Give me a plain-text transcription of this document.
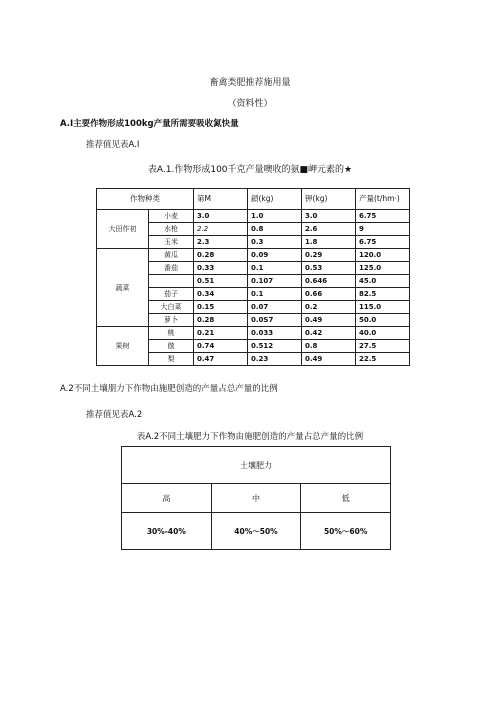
畜禽类肥推荐施用量
（资料性）
A.I主要作物形成100kg产量所需要吸收氮快量
推荐值见表A.I
表A.1.作物形成100千克产量噢收的氨■岬元素的★
作物种类		第M	鎖(kg)	钾(kg)	产量(t/hm·)
大田作初	小麦	3.0	1.0	3.0	6.75
	水枪	2.2	0.8	2.6	9
	玉米	2.3	0.3	1.8	6.75
蔬菜	黄瓜	0.28	0.09	0.29	120.0
	番茄	0.33	0.1	0.53	125.0
		0.51	0.107	0.646	45.0
	茄子	0.34	0.1	0.66	82.5
	大白菜	0.15	0.07	0.2	115.0
	萝卜	0.28	0.0S7	0.49	50.0
果树	桃	0.21	0.033	0.42	40.0
	倣	0.74	0.512	0.8	27.5
	梨	0.47	0.23	0.49	22.5
A.2不同土壤朋力下作物由施肥创造的产量占总产量的比例
推荐值见表A.2
表A.2不同土壤肥力下作物由施肥创造的产量占总产量的比例
土壤肥力		
高	中	低
30%-40%	40%〜50%	50%〜60%
